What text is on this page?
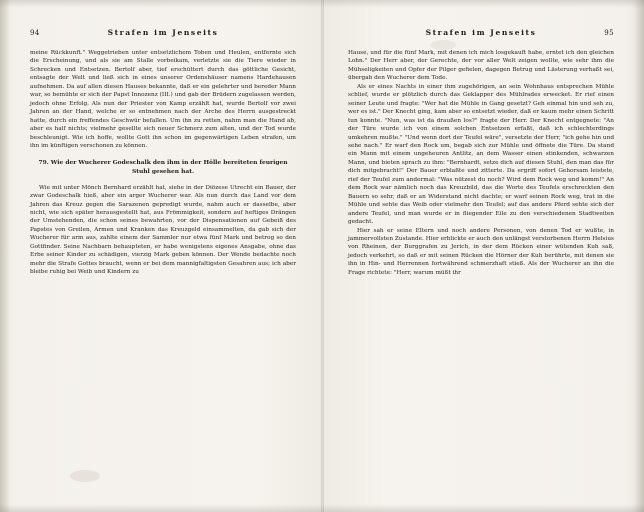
94	Strafen im Jenseits

meine Rückkunft." Weggetrieben unter entsetzlichem Toben und Heulen, entfernte sich die Erscheinung, und als sie am Stalle vorbeikam, verletzte sie die Tiere wieder in Schrecken und Entsetzen. Bertolf aber, tief erschüttert durch das göttliche Gesicht, entsagte der Welt und ließ sich in eines unserer Ordenshäuser namens Hardehausen aufnehmen. Da auf allen diesen Hauses bekannte, daß er ein gelehrter und bereder Mann war, so bemühte er sich der Papst Innozenz (III.) und gab der Brüdern zugelassen werden, jedoch ohne Erfolg. Als nun der Priester von Kamp erzählt hat, wurde Bertolf vor zwei Jahren an der Hand, welche er so entnehmen nach der Arche des Herrn ausgestreckt hatte, durch ein freffendes Geschwür befallen. Um ihn zu retten, nahm man die Hand ab, aber es half nichts; vielmehr gesellte sich neuer Schmerz zum alten, und der Tod wurde beschleunigt. Wie ich hoffe, wollte Gott ihn schon im gegenwärtigen Leben strafen, um ihn im künftigen verschonen zu können.

79. Wie der Wucherer Godeschalk den ihm in der Hölle bereiteten feurigen Stuhl gesehen hat.

Wie mit unter Mönch Bernhard erzählt hat, siehe in der Diözese Utrecht ein Bauer, der zwar Godeschalk hieß, aber ein arger Wucherer war. Als nun durch das Land vor dem Jahren das Kreuz gegen die Sarazenen gepredigt wurde, nahm auch er dasselbe, aber nicht, wie sich später herausgestellt hat, aus Frömmigkeit, sondern auf heftiges Drängen der Umstehenden, die schon seines bewahrten, vor der Dispensationen auf Gebeiß des Papstes von Greilen, Armen und Kranken das Kreuzgeld einsammelten, da gab sich der Wucherer für arm aus, zahlte einem der Sammler nur etwa fünf Mark und betrog so den Gottfinder. Seine Nachbarn behaupteten, er habe wenigstens eigenes Ansgabe, ohne das Erbe seiner Kinder zu schädigen, vierzig Mark geben können. Der Wende bedachte noch mehr die Strafe Gottes braucht, wenn er bei dem mannigfaltigsten Gesahren aus; ich aber bleibe ruhig bei Weib und Kindern zu

Strafen im Jenseits	95

Hause, und für die fünf Mark, mit denen ich mich losgekauft habe, erntet ich den gleichen Lohn." Der Herr aber, der Gerechte, der vor aller Welt zeigen wollte, wie sehr ihm die Mühseligkeiten und Opfer der Pilger gefielen, dagegen Betrug und Lästerung verhaßt sei, übergab den Wucherer dem Tode.

Als er eines Nachts in einer ihm zugehörigen, an sein Wohnhaus entsprechen Mühle schlief, wurde er plötzlich durch das Geklapper des Mühlrades erwecket. Er rief einen seiner Leute und fragte: "Wer hat die Mühle in Gang gesetzt? Geh einmal hin und seh zu, wer es ist." Der Knecht ging, kam aber so entsetzt wieder, daß er kaum mehr einen Schritt tun konnte. "Nun, was ist da draußen los?" fragte der Herr. Der Knecht entgegnete: "An der Türe wurde ich von einem solchen Entsetzen erfaßt, daß ich schlechterdings umkehren mußte." "Und wenn dort der Teufel wäre", versetzte der Herr, "ich gehe hin und sehe nach." Er warf den Rock um, begab sich zur Mühle und öffnete die Türe. Da stand ein Mann mit einem ungeheuren Antlitz, an dem Wasser einen stinkenden, schwarzen Mann, und bieten sprach zu ihm: "Bernhardt, setze dich auf diesen Stuhl, den man das für dich mitgebracht!" Der Bauer erblaßte und zitterte. Da ergriff sofort Gehorsam leistete, rief der Teufel zum andermal: "Was nützest du noch? Wird dem Rock weg und komm!" An dem Rock war nämlich noch das Kreuzbild, das die Worte des Teufels erschreckten den Bauern so sehr, daß er an Widerstand nicht dachte; er warf seinen Rock weg, trat in die Mühle und sehte das Weib oder vielmehr den Teufel; auf das andere Pferd sehte sich der andere Teufel, und man wurde er in fliegender Eile zu den verschiedenen Stadtweiten gedacht.

Hier sah er seine Eltern und noch andere Personen, von denen Tod er wußte, in jammervollsten Zustande. Hier erblickte er auch den unlängst verstorbenen Herrn Helsius von Rheinen, der Burggrafen zu Jerich, in der dem Rücken einer wütenden Kuh saß, jedoch verkehrt, so daß er mit seinen Rücken die Hörner der Kuh berührte, mit denen sie ihn in Hin- und Herrennen fortwährend schmerzhaft stieß. Als der Wucherer an ihn die Frage richtete: "Herr, warum müßt ihr
